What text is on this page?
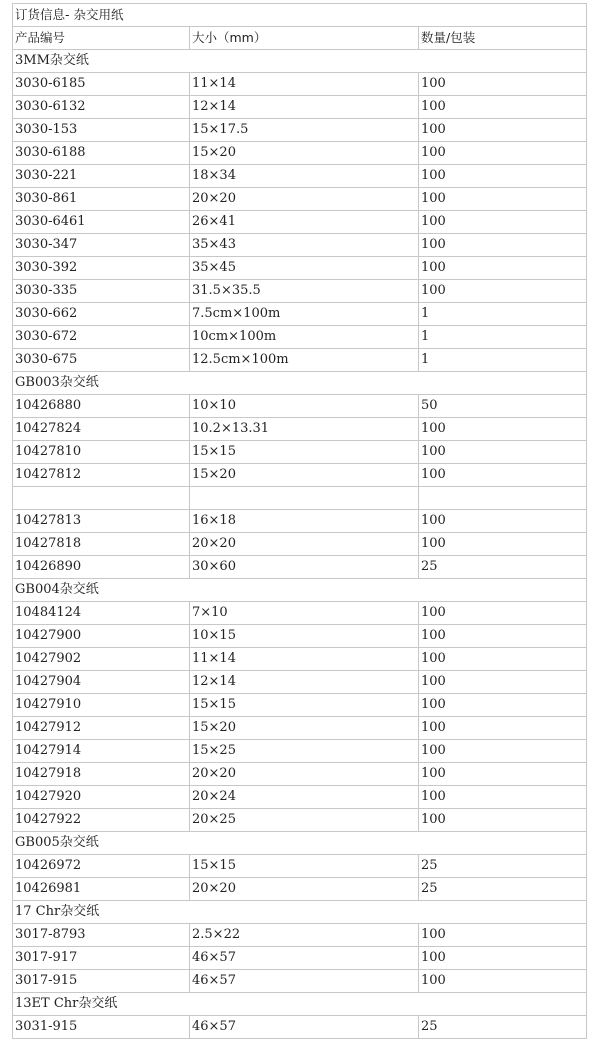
订货信息- 杂交用纸		
产品编号	大小（mm）	数量/包装
3MM杂交纸		
3030-6185	11×14	100
3030-6132	12×14	100
3030-153	15×17.5	100
3030-6188	15×20	100
3030-221	18×34	100
3030-861	20×20	100
3030-6461	26×41	100
3030-347	35×43	100
3030-392	35×45	100
3030-335	31.5×35.5	100
3030-662	7.5cm×100m	1
3030-672	10cm×100m	1
3030-675	12.5cm×100m	1
GB003杂交纸		
10426880	10×10	50
10427824	10.2×13.31	100
10427810	15×15	100
10427812	15×20	100

10427813	16×18	100
10427818	20×20	100
10426890	30×60	25
GB004杂交纸		
10484124	7×10	100
10427900	10×15	100
10427902	11×14	100
10427904	12×14	100
10427910	15×15	100
10427912	15×20	100
10427914	15×25	100
10427918	20×20	100
10427920	20×24	100
10427922	20×25	100
GB005杂交纸		
10426972	15×15	25
10426981	20×20	25
17 Chr杂交纸		
3017-8793	2.5×22	100
3017-917	46×57	100
3017-915	46×57	100
13ET Chr杂交纸		
3031-915	46×57	25
